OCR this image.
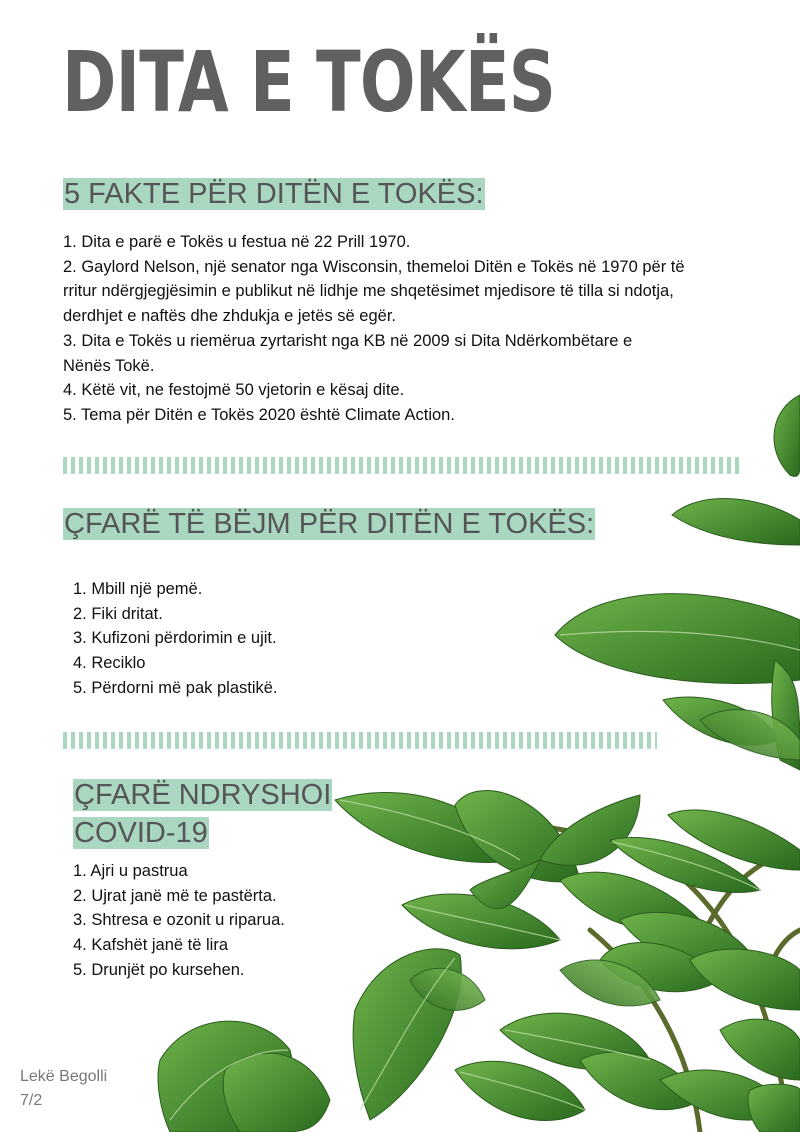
DITA E TOKËS
5 FAKTE PËR DITËN E TOKËS:

1. Dita e parë e Tokës u festua në 22 Prill 1970.

2. Gaylord Nelson, një senator nga Wisconsin, themeloi Ditën e Tokës në 1970 për të rritur ndërgjegjësimin e publikut në lidhje me shqetësimet mjedisore të tilla si ndotja, derdhjet e naftës dhe zhdukja e jetës së egër.

3. Dita e Tokës u riemërua zyrtarisht nga KB në 2009 si Dita Ndërkombëtare e Nënës Tokë.

4. Këtë vit, ne festojmë 50 vjetorin e kësaj dite.

5. Tema për Ditën e Tokës 2020 është Climate Action.

ÇFARË TË BËJM PËR DITËN E TOKËS:
1. Mbill një pemë.
2. Fiki dritat.
3. Kufizoni përdorimin e ujit.
4. Reciklo
5. Përdorni më pak plastikë.
ÇFARË NDRYSHOI
COVID-19
1. Ajri u pastrua
2. Ujrat janë më te pastërta.
3. Shtresa e ozonit u riparua.
4. Kafshët janë të lira
5. Drunjët po kursehen.
Lekë Begolli
7/2
